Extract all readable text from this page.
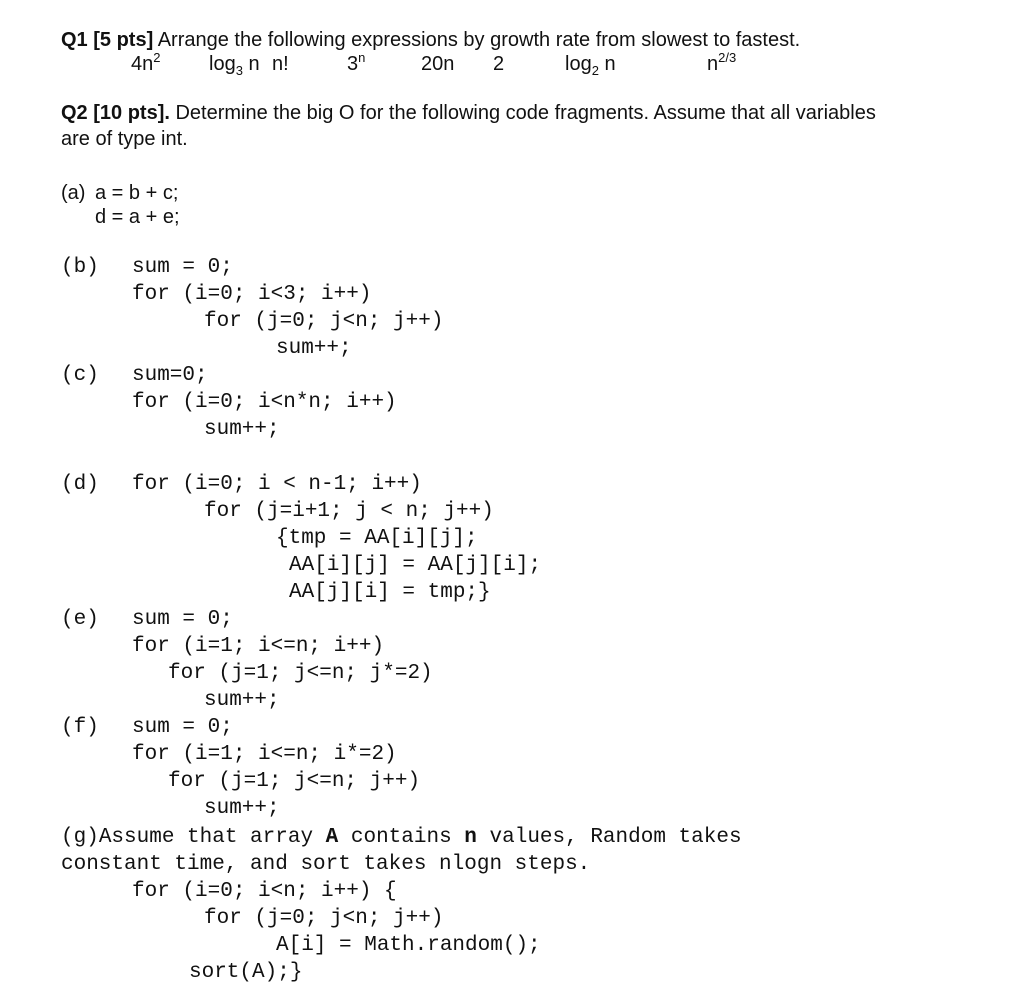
Q1 [5 pts] Arrange the following expressions by growth rate from slowest to fastest.
$4n^2$ $\log_3 n$ n!	3$^n$	20n 2	$\log_2 n$	$n^{2/3}$
Q2 [10 pts]. Determine the big O for the following code fragments. Assume that all variables
are of type int.
(a) a = b + c;
d = a + e;
(b) sum = 0;
for (i=0; i<3; i++)
for (j=0; j<n; j++)
sum++;
(c) sum=0;
for (i=0; i<n*n; i++)
sum++;
(d) for (i=0; i < n-1; i++)
for (j=i+1; j < n; j++)
{tmp = AA[i][j];
AA[i][j] = AA[j][i];
AA[j][i] = tmp;}
(e) sum = 0;
for (i=1; i<=n; i++)
for (j=1; j<=n; j*=2)
sum++;
(f) sum = 0;
for (i=1; i<=n; i*=2)
for (j=1; j<=n; j++)
sum++;
(g)Assume that array A contains n values, Random takes
constant time, and sort takes nlogn steps.
for (i=0; i<n; i++) {
for (j=0; j<n; j++)
A[i] = Math.random();
sort(A);}
